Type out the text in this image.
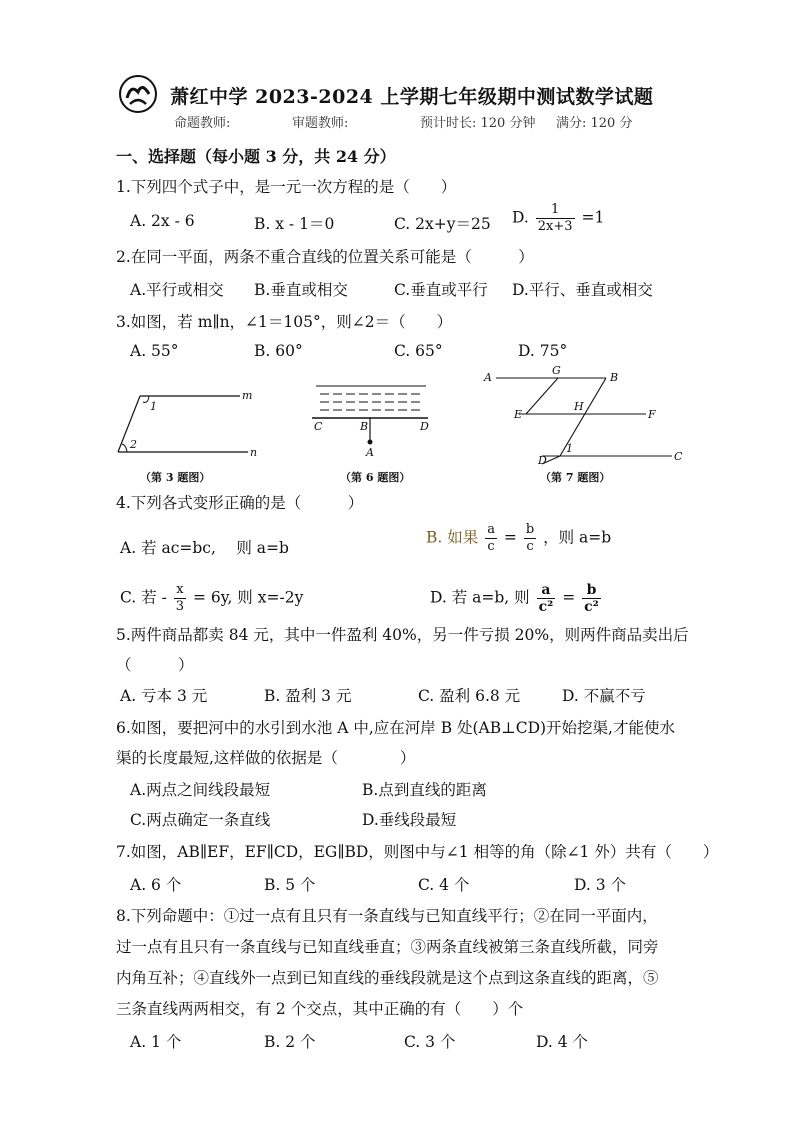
萧红中学 2023-2024 上学期七年级期中测试数学试题
命题教师:	审题教师:	预计时长: 120 分钟 满分: 120 分
一、选择题（每小题 3 分，共 24 分）
1.下列四个式子中，是一元一次方程的是（　　）
A. 2x - 6	B. x - 1＝0	C. 2x+y＝25 D. $\frac{1}{2x+3} =1$
2.在同一平面，两条不重合直线的位置关系可能是（　　　）
A.平行或相交 B.垂直或相交	C.垂直或平行 D.平行、垂直或相交
3.如图，若 m∥n，∠1＝105°，则∠2＝（　　）
A. 55°	B. 60°	C. 65°	D. 75°
m
n
1
2
（第 3 题图）
C	B	D
A
（第 6 题图）
A
G
B
E
H
F
D
1
C
（第 7 题图）
4.下列各式变形正确的是（　　　）
A. 若 ac=bc,　 则 a=b
B. 如果 $\frac{a}{c} = \frac{b}{c}$ ，则 a=b
C. 若 - $\frac{x}{3} = 6y$, 则 x=-2y	D. 若 a=b, 则 $\frac{a}{\text{c²}} = \frac{b}{\text{c²}}$
5.两件商品都卖 84 元，其中一件盈利 40%，另一件亏损 20%，则两件商品卖出后
（　　　）
A. 亏本 3 元	B. 盈利 3 元	C. 盈利 6.8 元	D. 不赢不亏
6.如图，要把河中的水引到水池 A 中,应在河岸 B 处(AB⊥CD)开始挖渠,才能使水
渠的长度最短,这样做的依据是（　　　　）
A.两点之间线段最短	B.点到直线的距离
C.两点确定一条直线	D.垂线段最短
7.如图，AB∥EF，EF∥CD，EG∥BD，则图中与∠1 相等的角（除∠1 外）共有（　　）
A. 6 个	B. 5 个	C. 4 个	D. 3 个
8.下列命题中：①过一点有且只有一条直线与已知直线平行；②在同一平面内，
过一点有且只有一条直线与已知直线垂直；③两条直线被第三条直线所截，同旁
内角互补；④直线外一点到已知直线的垂线段就是这个点到这条直线的距离，⑤
三条直线两两相交，有 2 个交点，其中正确的有（　　）个
A. 1 个	B. 2 个	C. 3 个	D. 4 个
